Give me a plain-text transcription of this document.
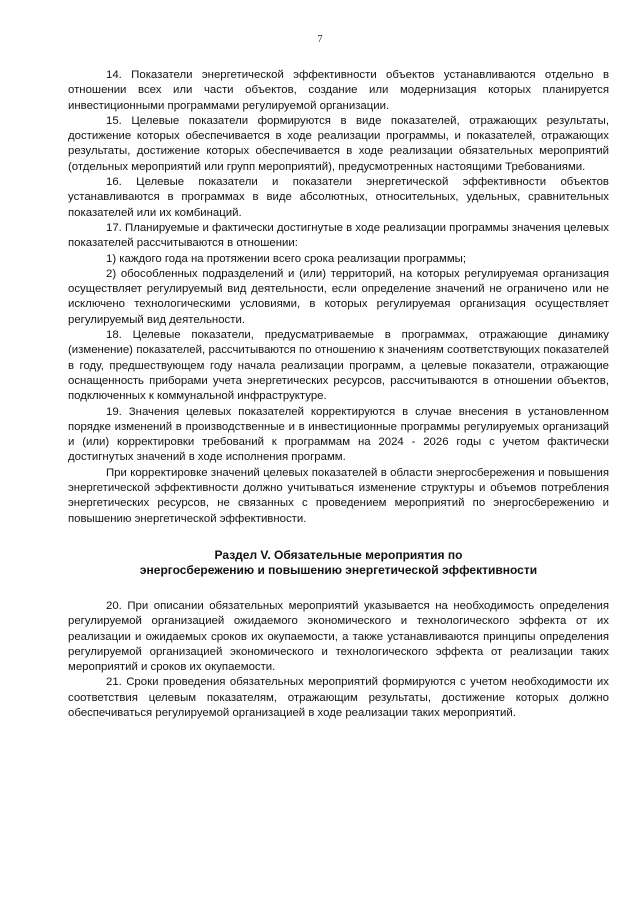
7

14. Показатели энергетической эффективности объектов устанавливаются отдельно в отношении всех или части объектов, создание или модернизация которых планируется инвестиционными программами регулируемой организации.

15. Целевые показатели формируются в виде показателей, отражающих результаты, достижение которых обеспечивается в ходе реализации программы, и показателей, отражающих результаты, достижение которых обеспечивается в ходе реализации обязательных мероприятий (отдельных мероприятий или групп мероприятий), предусмотренных настоящими Требованиями.

16. Целевые показатели и показатели энергетической эффективности объектов устанавливаются в программах в виде абсолютных, относительных, удельных, сравнительных показателей или их комбинаций.

17. Планируемые и фактически достигнутые в ходе реализации программы значения целевых показателей рассчитываются в отношении:

1) каждого года на протяжении всего срока реализации программы;

2) обособленных подразделений и (или) территорий, на которых регулируемая организация осуществляет регулируемый вид деятельности, если определение значений не ограничено или не исключено технологическими условиями, в которых регулируемая организация осуществляет регулируемый вид деятельности.

18. Целевые показатели, предусматриваемые в программах, отражающие динамику (изменение) показателей, рассчитываются по отношению к значениям соответствующих показателей в году, предшествующем году начала реализации программ, а целевые показатели, отражающие оснащенность приборами учета энергетических ресурсов, рассчитываются в отношении объектов, подключенных к коммунальной инфраструктуре.

19. Значения целевых показателей корректируются в случае внесения в установленном порядке изменений в производственные и в инвестиционные программы регулируемых организаций и (или) корректировки требований к программам на 2024 - 2026 годы с учетом фактически достигнутых значений в ходе исполнения программ.

При корректировке значений целевых показателей в области энергосбережения и повышения энергетической эффективности должно учитываться изменение структуры и объемов потребления энергетических ресурсов, не связанных с проведением мероприятий по энергосбережению и повышению энергетической эффективности.

Раздел V. Обязательные мероприятия по
энергосбережению и повышению энергетической эффективности

20. При описании обязательных мероприятий указывается на необходимость определения регулируемой организацией ожидаемого экономического и технологического эффекта от их реализации и ожидаемых сроков их окупаемости, а также устанавливаются принципы определения регулируемой организацией экономического и технологического эффекта от реализации таких мероприятий и сроков их окупаемости.

21. Сроки проведения обязательных мероприятий формируются с учетом необходимости их соответствия целевым показателям, отражающим результаты, достижение которых должно обеспечиваться регулируемой организацией в ходе реализации таких мероприятий.
